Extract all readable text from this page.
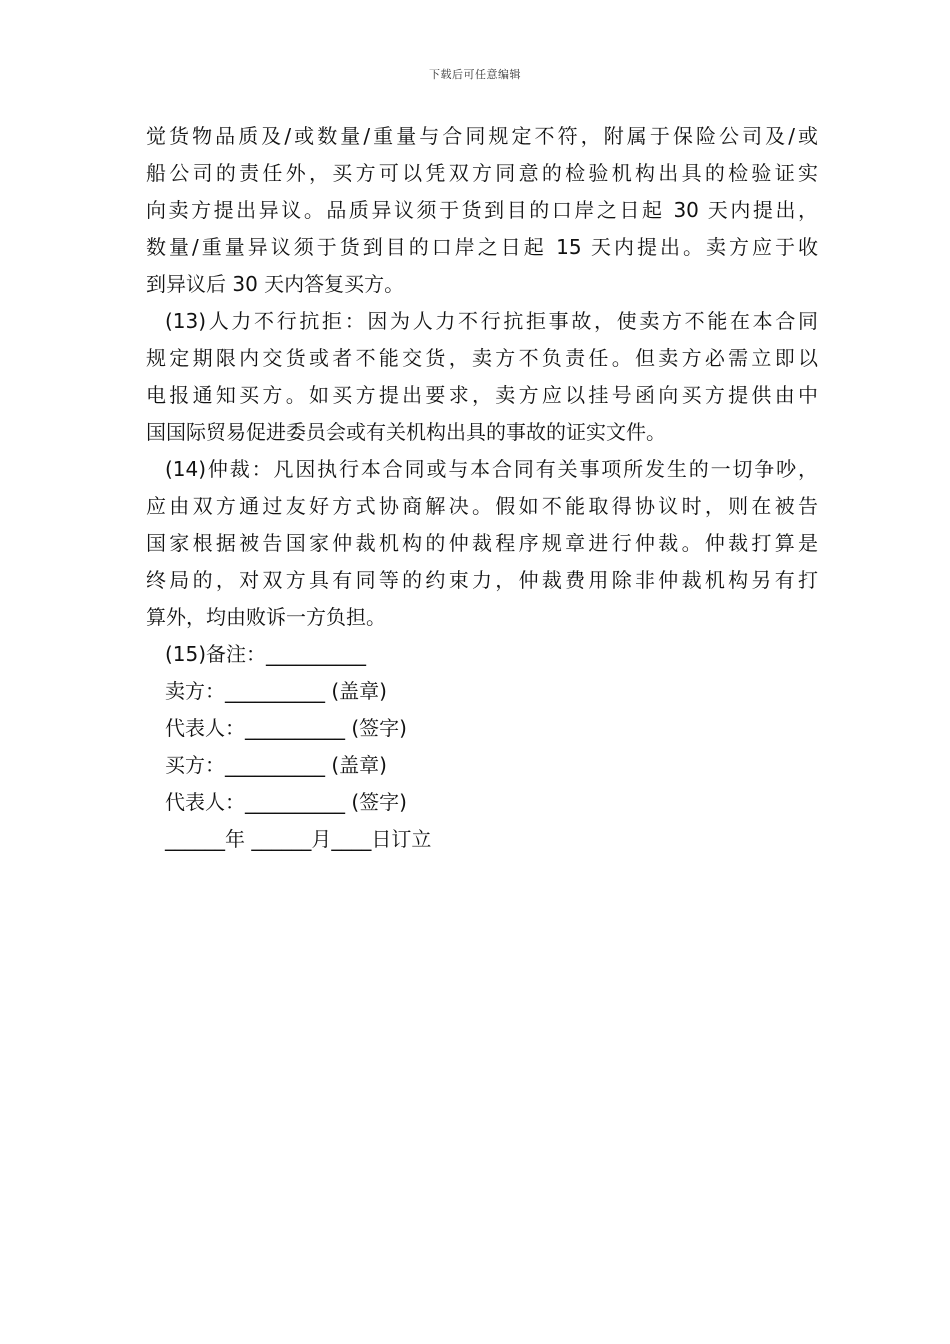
下载后可任意编辑
觉货物品质及/或数量/重量与合同规定不符，附属于保险公司及/或
船公司的责任外，买方可以凭双方同意的检验机构出具的检验证实
向卖方提出异议。品质异议须于货到目的口岸之日起 30 天内提出，
数量/重量异议须于货到目的口岸之日起 15 天内提出。卖方应于收
到异议后 30 天内答复买方。
(13)人力不行抗拒：因为人力不行抗拒事故，使卖方不能在本合同
规定期限内交货或者不能交货，卖方不负责任。但卖方必需立即以
电报通知买方。如买方提出要求，卖方应以挂号函向买方提供由中
国国际贸易促进委员会或有关机构出具的事故的证实文件。
(14)仲裁：凡因执行本合同或与本合同有关事项所发生的一切争吵，
应由双方通过友好方式协商解决。假如不能取得协议时，则在被告
国家根据被告国家仲裁机构的仲裁程序规章进行仲裁。仲裁打算是
终局的，对双方具有同等的约束力，仲裁费用除非仲裁机构另有打
算外，均由败诉一方负担。
(15)备注：__________
卖方：__________ (盖章)
代表人：__________ (签字)
买方：__________ (盖章)
代表人：__________ (签字)
______年 ______月____日订立
